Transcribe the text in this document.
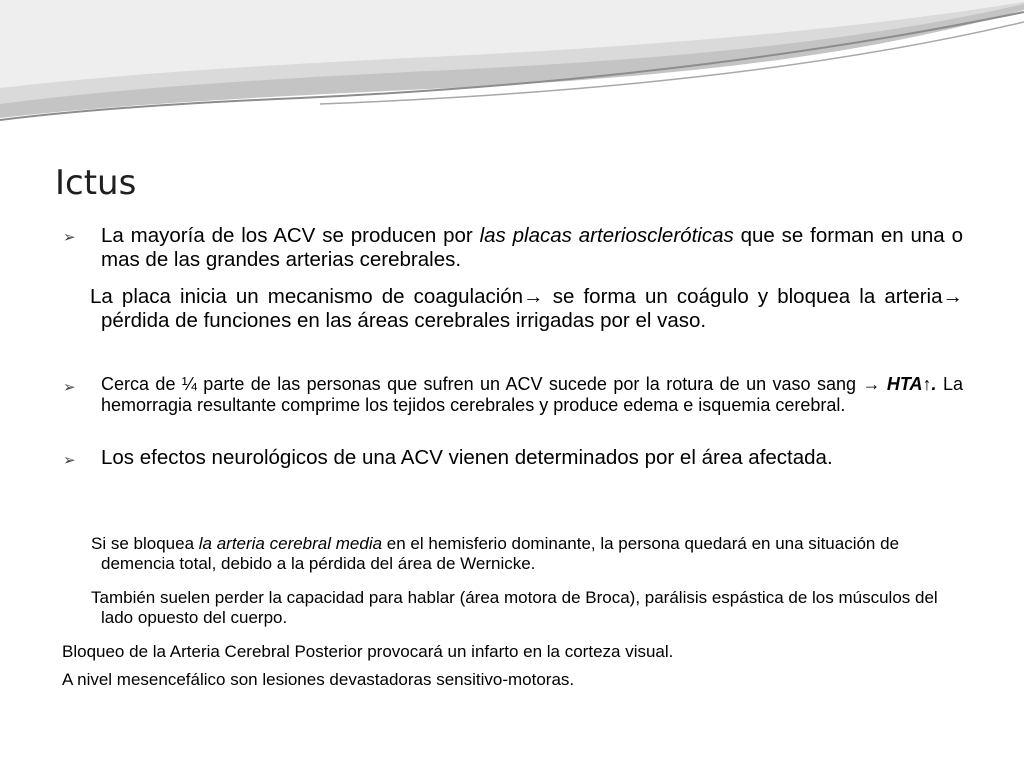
Ictus
➢ La mayoría de los ACV se producen por las placas arterioscleróticas que se forman en una o mas de las grandes arterias cerebrales.

La placa inicia un mecanismo de coagulación→ se forma un coágulo y bloquea la arteria→ pérdida de funciones en las áreas cerebrales irrigadas por el vaso.

➢ Cerca de ¼ parte de las personas que sufren un ACV sucede por la rotura de un vaso sang → HTA↑. La hemorragia resultante comprime los tejidos cerebrales y produce edema e isquemia cerebral.

➢ Los efectos neurológicos de una ACV vienen determinados por el área afectada.

Si se bloquea la arteria cerebral media en el hemisferio dominante, la persona quedará en una situación de demencia total, debido a la pérdida del área de Wernicke.

También suelen perder la capacidad para hablar (área motora de Broca), parálisis espástica de los músculos del lado opuesto del cuerpo.

Bloqueo de la Arteria Cerebral Posterior provocará un infarto en la corteza visual.

A nivel mesencefálico son lesiones devastadoras sensitivo-motoras.
